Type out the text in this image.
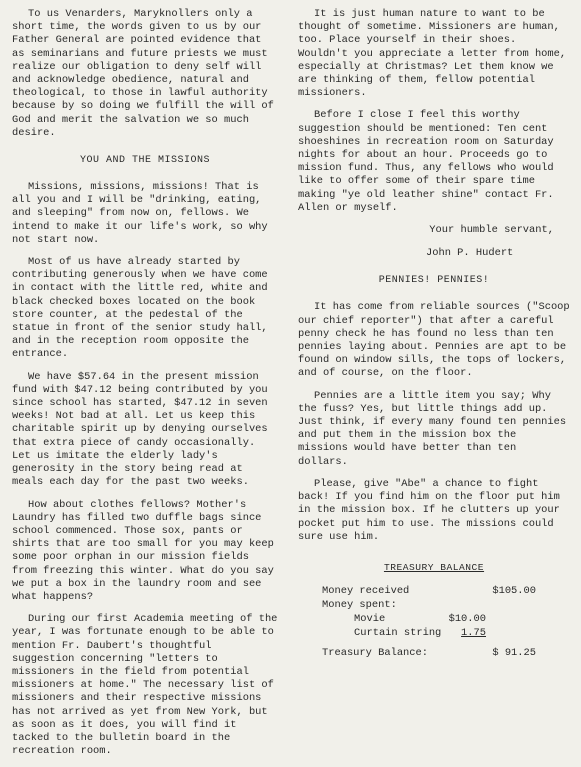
To us Venarders, Maryknollers only a short time, the words given to us by our Father General are pointed evidence that as seminarians and future priests we must realize our obligation to deny self will and acknowledge obedience, natural and theological, to those in lawful authority because by so doing we fulfill the will of God and merit the salvation we so much desire.

YOU AND THE MISSIONS

Missions, missions, missions! That is all you and I will be "drinking, eating, and sleeping" from now on, fellows. We intend to make it our life's work, so why not start now.

Most of us have already started by contributing generously when we have come in contact with the little red, white and black checked boxes located on the book store counter, at the pedestal of the statue in front of the senior study hall, and in the reception room opposite the entrance.

We have $57.64 in the present mission fund with $47.12 being contributed by you since school has started, $47.12 in seven weeks! Not bad at all. Let us keep this charitable spirit up by denying ourselves that extra piece of candy occasionally. Let us imitate the elderly lady's generosity in the story being read at meals each day for the past two weeks.

How about clothes fellows? Mother's Laundry has filled two duffle bags since school commenced. Those sox, pants or shirts that are too small for you may keep some poor orphan in our mission fields from freezing this winter. What do you say we put a box in the laundry room and see what happens?

During our first Academia meeting of the year, I was fortunate enough to be able to mention Fr. Daubert's thoughtful suggestion concerning "letters to missioners in the field from potential missioners at home." The necessary list of missioners and their respective missions has not arrived as yet from New York, but as soon as it does, you will find it tacked to the bulletin board in the recreation room.

It is just human nature to want to be thought of sometime. Missioners are human, too. Place yourself in their shoes. Wouldn't you appreciate a letter from home, especially at Christmas? Let them know we are thinking of them, fellow potential missioners.

Before I close I feel this worthy suggestion should be mentioned: Ten cent shoeshines in recreation room on Saturday nights for about an hour. Proceeds go to mission fund. Thus, any fellows who would like to offer some of their spare time making "ye old leather shine" contact Fr. Allen or myself.

Your humble servant,

John P. Hudert

PENNIES! PENNIES!

It has come from reliable sources ("Scoop our chief reporter") that after a careful penny check he has found no less than ten pennies laying about. Pennies are apt to be found on window sills, the tops of lockers, and of course, on the floor.

Pennies are a little item you say; Why the fuss? Yes, but little things add up. Just think, if every many found ten pennies and put them in the mission box the missions would have better than ten dollars.

Please, give "Abe" a chance to fight back! If you find him on the floor put him in the mission box. If he clutters up your pocket put him to use. The missions could sure use him.

TREASURY BALANCE
Money received	$105.00
Money spent:
Movie	$10.00
Curtain string 1.75
Treasury Balance:	$ 91.25
